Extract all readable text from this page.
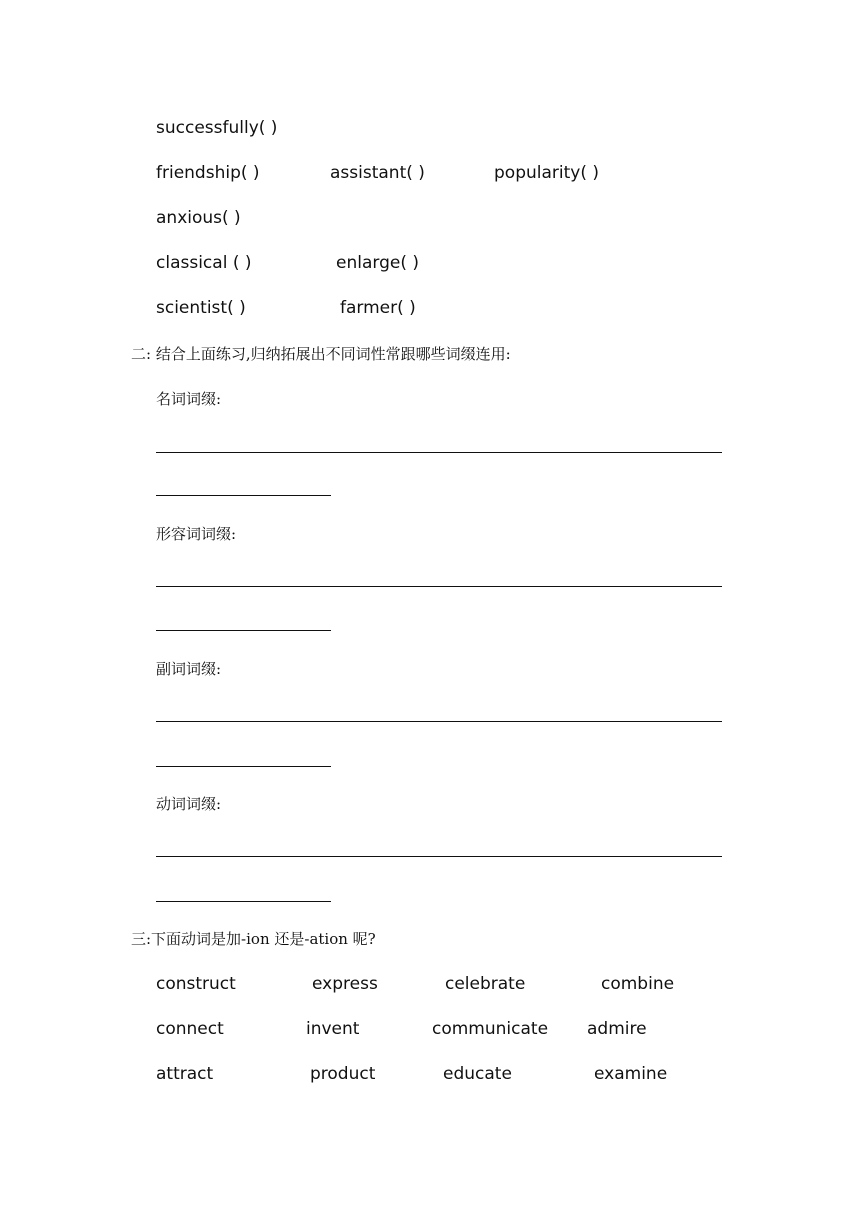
successfully( )
friendship( )	assistant( )	popularity( )
anxious( )
classical ( )	enlarge( )
scientist( )	farmer( )
二: 结合上面练习,归纳拓展出不同词性常跟哪些词缀连用:
名词词缀:
形容词词缀:
副词词缀:
动词词缀:
三:下面动词是加-ion 还是-ation 呢?
construct	express	celebrate	combine
connect	invent	communicate admire
attract	product	educate	examine
